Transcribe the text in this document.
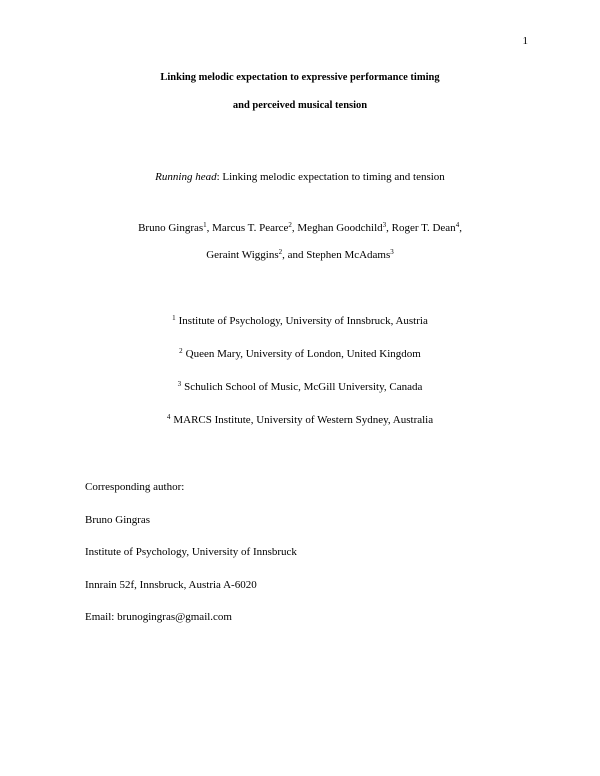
1
Linking melodic expectation to expressive performance timing
and perceived musical tension
Running head: Linking melodic expectation to timing and tension
Bruno Gingras$^1$, Marcus T. Pearce$^2$, Meghan Goodchild$^3$, Roger T. Dean$^4$,
Geraint Wiggins$^2$, and Stephen McAdams$^3$
$^1$ Institute of Psychology, University of Innsbruck, Austria
$^2$ Queen Mary, University of London, United Kingdom
$^3$ Schulich School of Music, McGill University, Canada
$^4$ MARCS Institute, University of Western Sydney, Australia
Corresponding author:
Bruno Gingras
Institute of Psychology, University of Innsbruck
Innrain 52f, Innsbruck, Austria A-6020
Email: brunogingras@gmail.com
